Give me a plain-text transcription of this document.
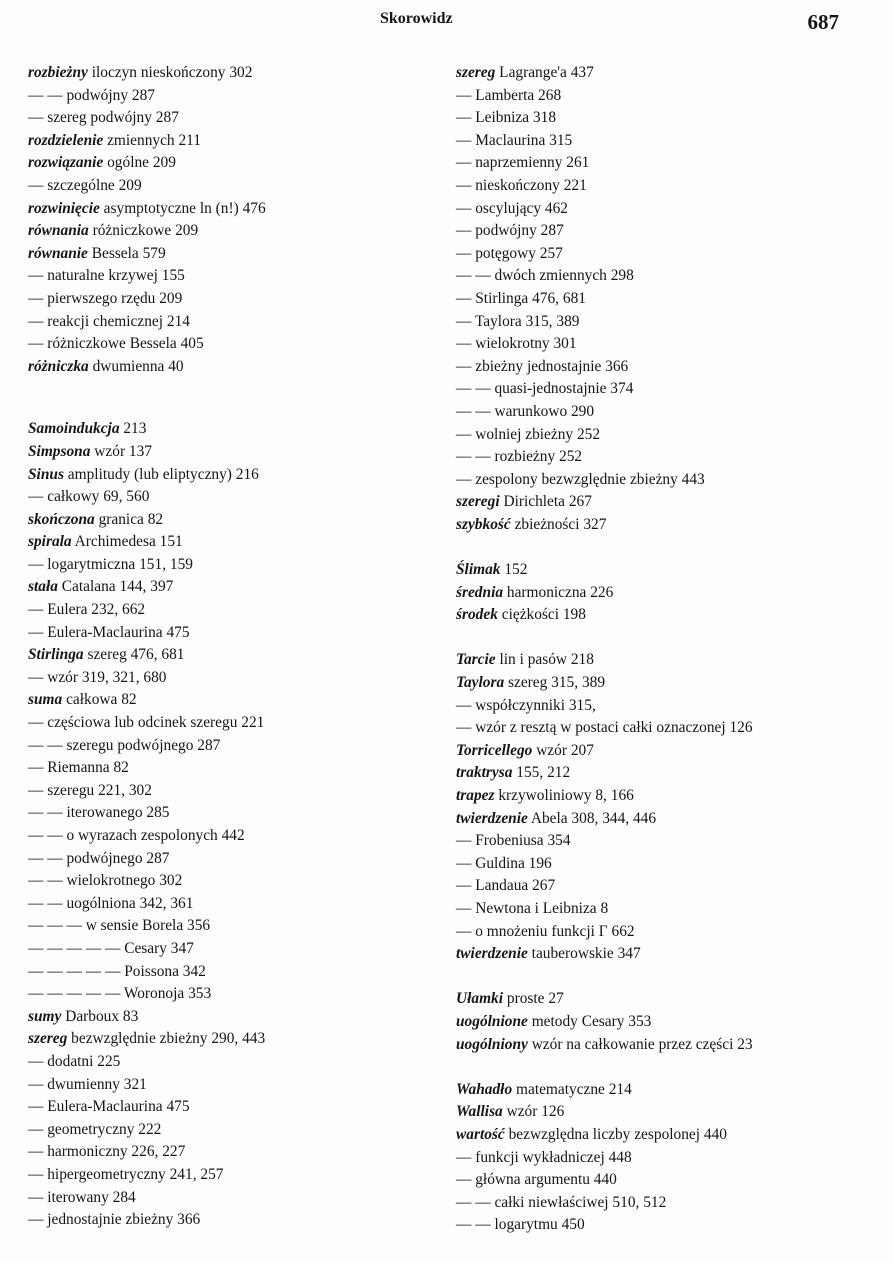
Skorowidz	687
rozbieżny iloczyn nieskończony 302
— — podwójny 287
— szereg podwójny 287
rozdzielenie zmiennych 211
rozwiązanie ogólne 209
— szczególne 209
rozwinięcie asymptotyczne ln (n!) 476
równania różniczkowe 209
równanie Bessela 579
— naturalne krzywej 155
— pierwszego rzędu 209
— reakcji chemicznej 214
— różniczkowe Bessela 405
różniczka dwumienna 40
Samoindukcja 213
Simpsona wzór 137
Sinus amplitudy (lub eliptyczny) 216
— całkowy 69, 560
skończona granica 82
spirala Archimedesa 151
— logarytmiczna 151, 159
stała Catalana 144, 397
— Eulera 232, 662
— Eulera-Maclaurina 475
Stirlinga szereg 476, 681
— wzór 319, 321, 680
suma całkowa 82
— częściowa lub odcinek szeregu 221
— — szeregu podwójnego 287
— Riemanna 82
— szeregu 221, 302
— — iterowanego 285
— — o wyrazach zespolonych 442
— — podwójnego 287
— — wielokrotnego 302
— — uogólniona 342, 361
— — — w sensie Borela 356
— — — — — Cesary 347
— — — — — Poissona 342
— — — — — Woronoja 353
sumy Darboux 83
szereg bezwzględnie zbieżny 290, 443
— dodatni 225
— dwumienny 321
— Eulera-Maclaurina 475
— geometryczny 222
— harmoniczny 226, 227
— hipergeometryczny 241, 257
— iterowany 284
— jednostajnie zbieżny 366
szereg Lagrange'a 437
— Lamberta 268
— Leibniza 318
— Maclaurina 315
— naprzemienny 261
— nieskończony 221
— oscylujący 462
— podwójny 287
— potęgowy 257
— — dwóch zmiennych 298
— Stirlinga 476, 681
— Taylora 315, 389
— wielokrotny 301
— zbieżny jednostajnie 366
— — quasi-jednostajnie 374
— — warunkowo 290
— wolniej zbieżny 252
— — rozbieżny 252
— zespolony bezwzględnie zbieżny 443
szeregi Dirichleta 267
szybkość zbieżności 327
Ślimak 152
średnia harmoniczna 226
środek ciężkości 198
Tarcie lin i pasów 218
Taylora szereg 315, 389
— współczynniki 315,
— wzór z resztą w postaci całki oznaczonej 126
Torricellego wzór 207
traktrysa 155, 212
trapez krzywoliniowy 8, 166
twierdzenie Abela 308, 344, 446
— Frobeniusa 354
— Guldina 196
— Landaua 267
— Newtona i Leibniza 8
— o mnożeniu funkcji Γ 662
twierdzenie tauberowskie 347
Ułamki proste 27
uogólnione metody Cesary 353
uogólniony wzór na całkowanie przez części 23
Wahadło matematyczne 214
Wallisa wzór 126
wartość bezwzględna liczby zespolonej 440
— funkcji wykładniczej 448
— główna argumentu 440
— — całki niewłaściwej 510, 512
— — logarytmu 450
